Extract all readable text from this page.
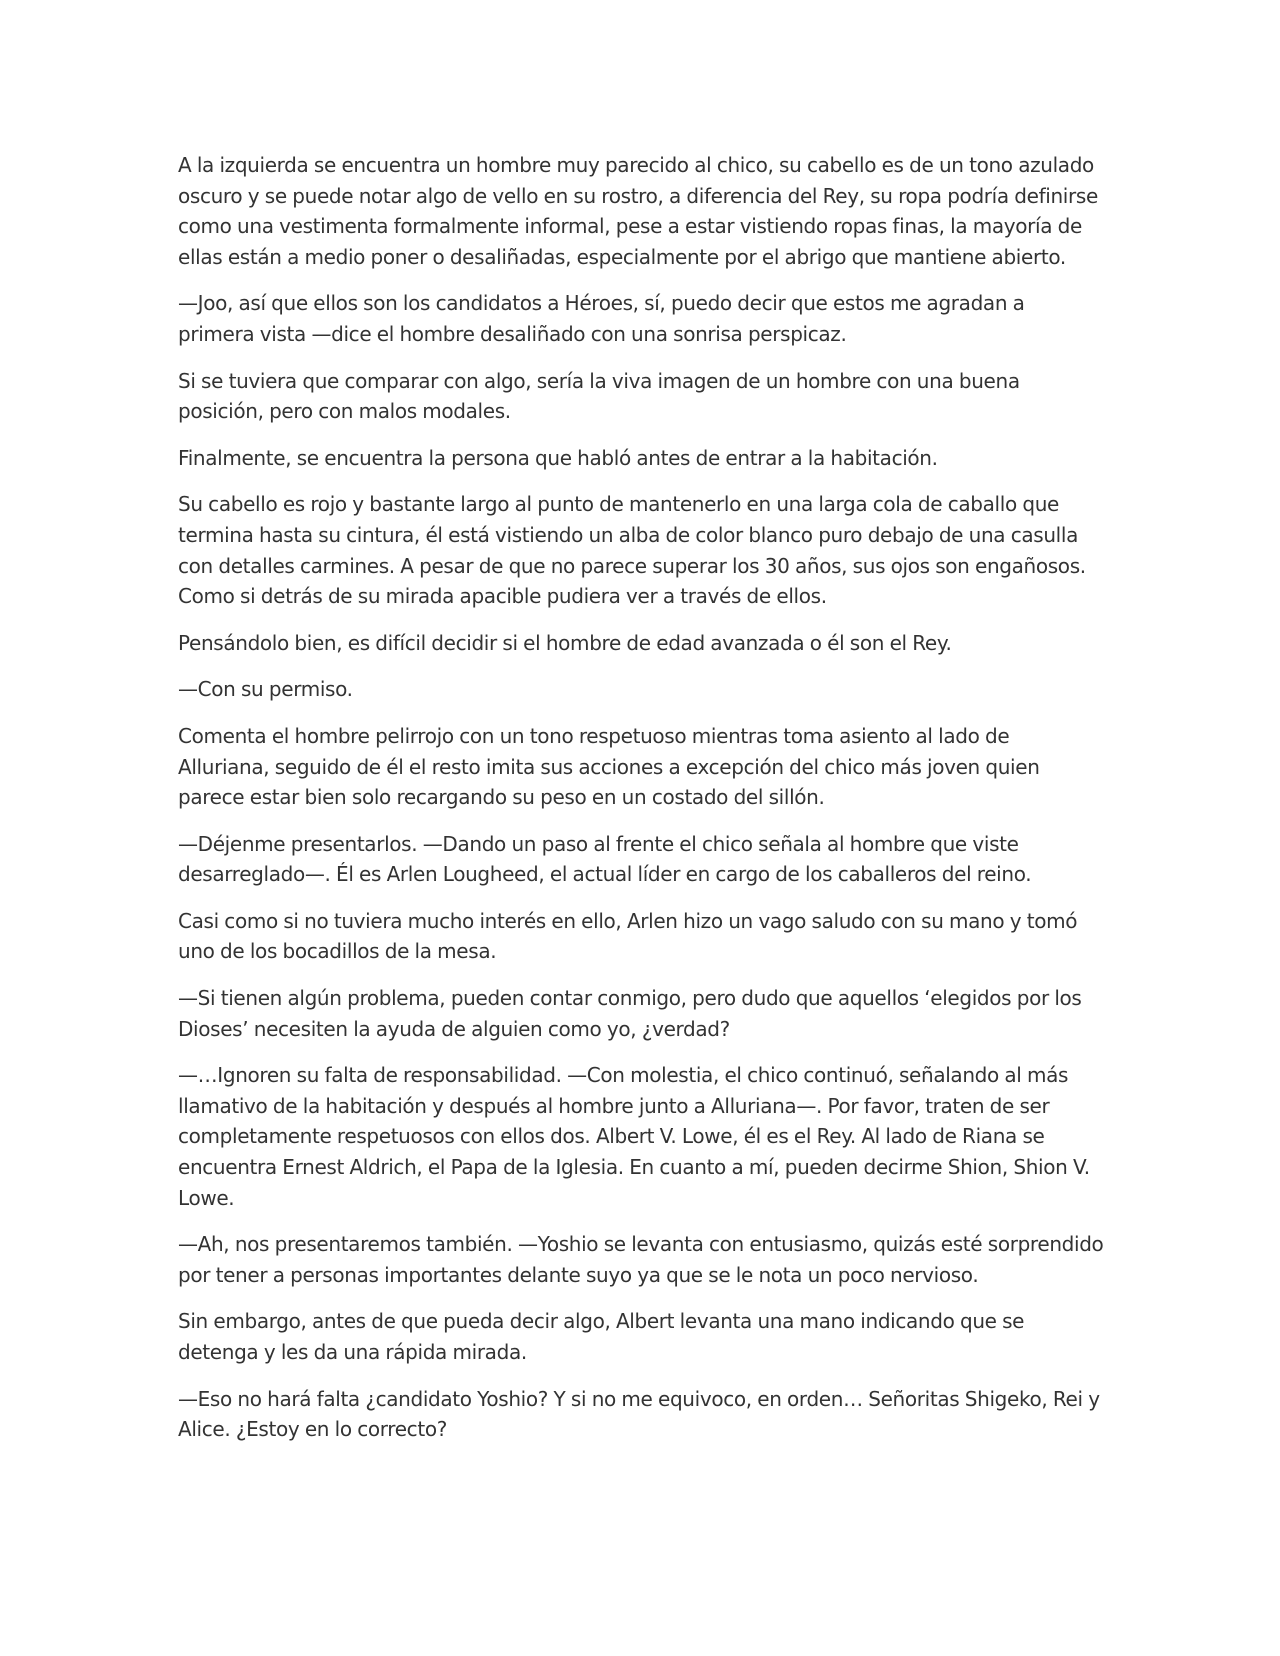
A la izquierda se encuentra un hombre muy parecido al chico, su cabello es de un tono azulado oscuro y se puede notar algo de vello en su rostro, a diferencia del Rey, su ropa podría definirse como una vestimenta formalmente informal, pese a estar vistiendo ropas finas, la mayoría de ellas están a medio poner o desaliñadas, especialmente por el abrigo que mantiene abierto.

—Joo, así que ellos son los candidatos a Héroes, sí, puedo decir que estos me agradan a primera vista —dice el hombre desaliñado con una sonrisa perspicaz.

Si se tuviera que comparar con algo, sería la viva imagen de un hombre con una buena posición, pero con malos modales.

Finalmente, se encuentra la persona que habló antes de entrar a la habitación.

Su cabello es rojo y bastante largo al punto de mantenerlo en una larga cola de caballo que termina hasta su cintura, él está vistiendo un alba de color blanco puro debajo de una casulla con detalles carmines. A pesar de que no parece superar los 30 años, sus ojos son engañosos. Como si detrás de su mirada apacible pudiera ver a través de ellos.

Pensándolo bien, es difícil decidir si el hombre de edad avanzada o él son el Rey.

—Con su permiso.

Comenta el hombre pelirrojo con un tono respetuoso mientras toma asiento al lado de Alluriana, seguido de él el resto imita sus acciones a excepción del chico más joven quien parece estar bien solo recargando su peso en un costado del sillón.

—Déjenme presentarlos. —Dando un paso al frente el chico señala al hombre que viste desarreglado—. Él es Arlen Lougheed, el actual líder en cargo de los caballeros del reino.

Casi como si no tuviera mucho interés en ello, Arlen hizo un vago saludo con su mano y tomó uno de los bocadillos de la mesa.

—Si tienen algún problema, pueden contar conmigo, pero dudo que aquellos ‘elegidos por los Dioses’ necesiten la ayuda de alguien como yo, ¿verdad?

—…Ignoren su falta de responsabilidad. —Con molestia, el chico continuó, señalando al más llamativo de la habitación y después al hombre junto a Alluriana—. Por favor, traten de ser completamente respetuosos con ellos dos. Albert V. Lowe, él es el Rey. Al lado de Riana se encuentra Ernest Aldrich, el Papa de la Iglesia. En cuanto a mí, pueden decirme Shion, Shion V. Lowe.

—Ah, nos presentaremos también. —Yoshio se levanta con entusiasmo, quizás esté sorprendido por tener a personas importantes delante suyo ya que se le nota un poco nervioso.

Sin embargo, antes de que pueda decir algo, Albert levanta una mano indicando que se detenga y les da una rápida mirada.

—Eso no hará falta ¿candidato Yoshio? Y si no me equivoco, en orden… Señoritas Shigeko, Rei y Alice. ¿Estoy en lo correcto?
